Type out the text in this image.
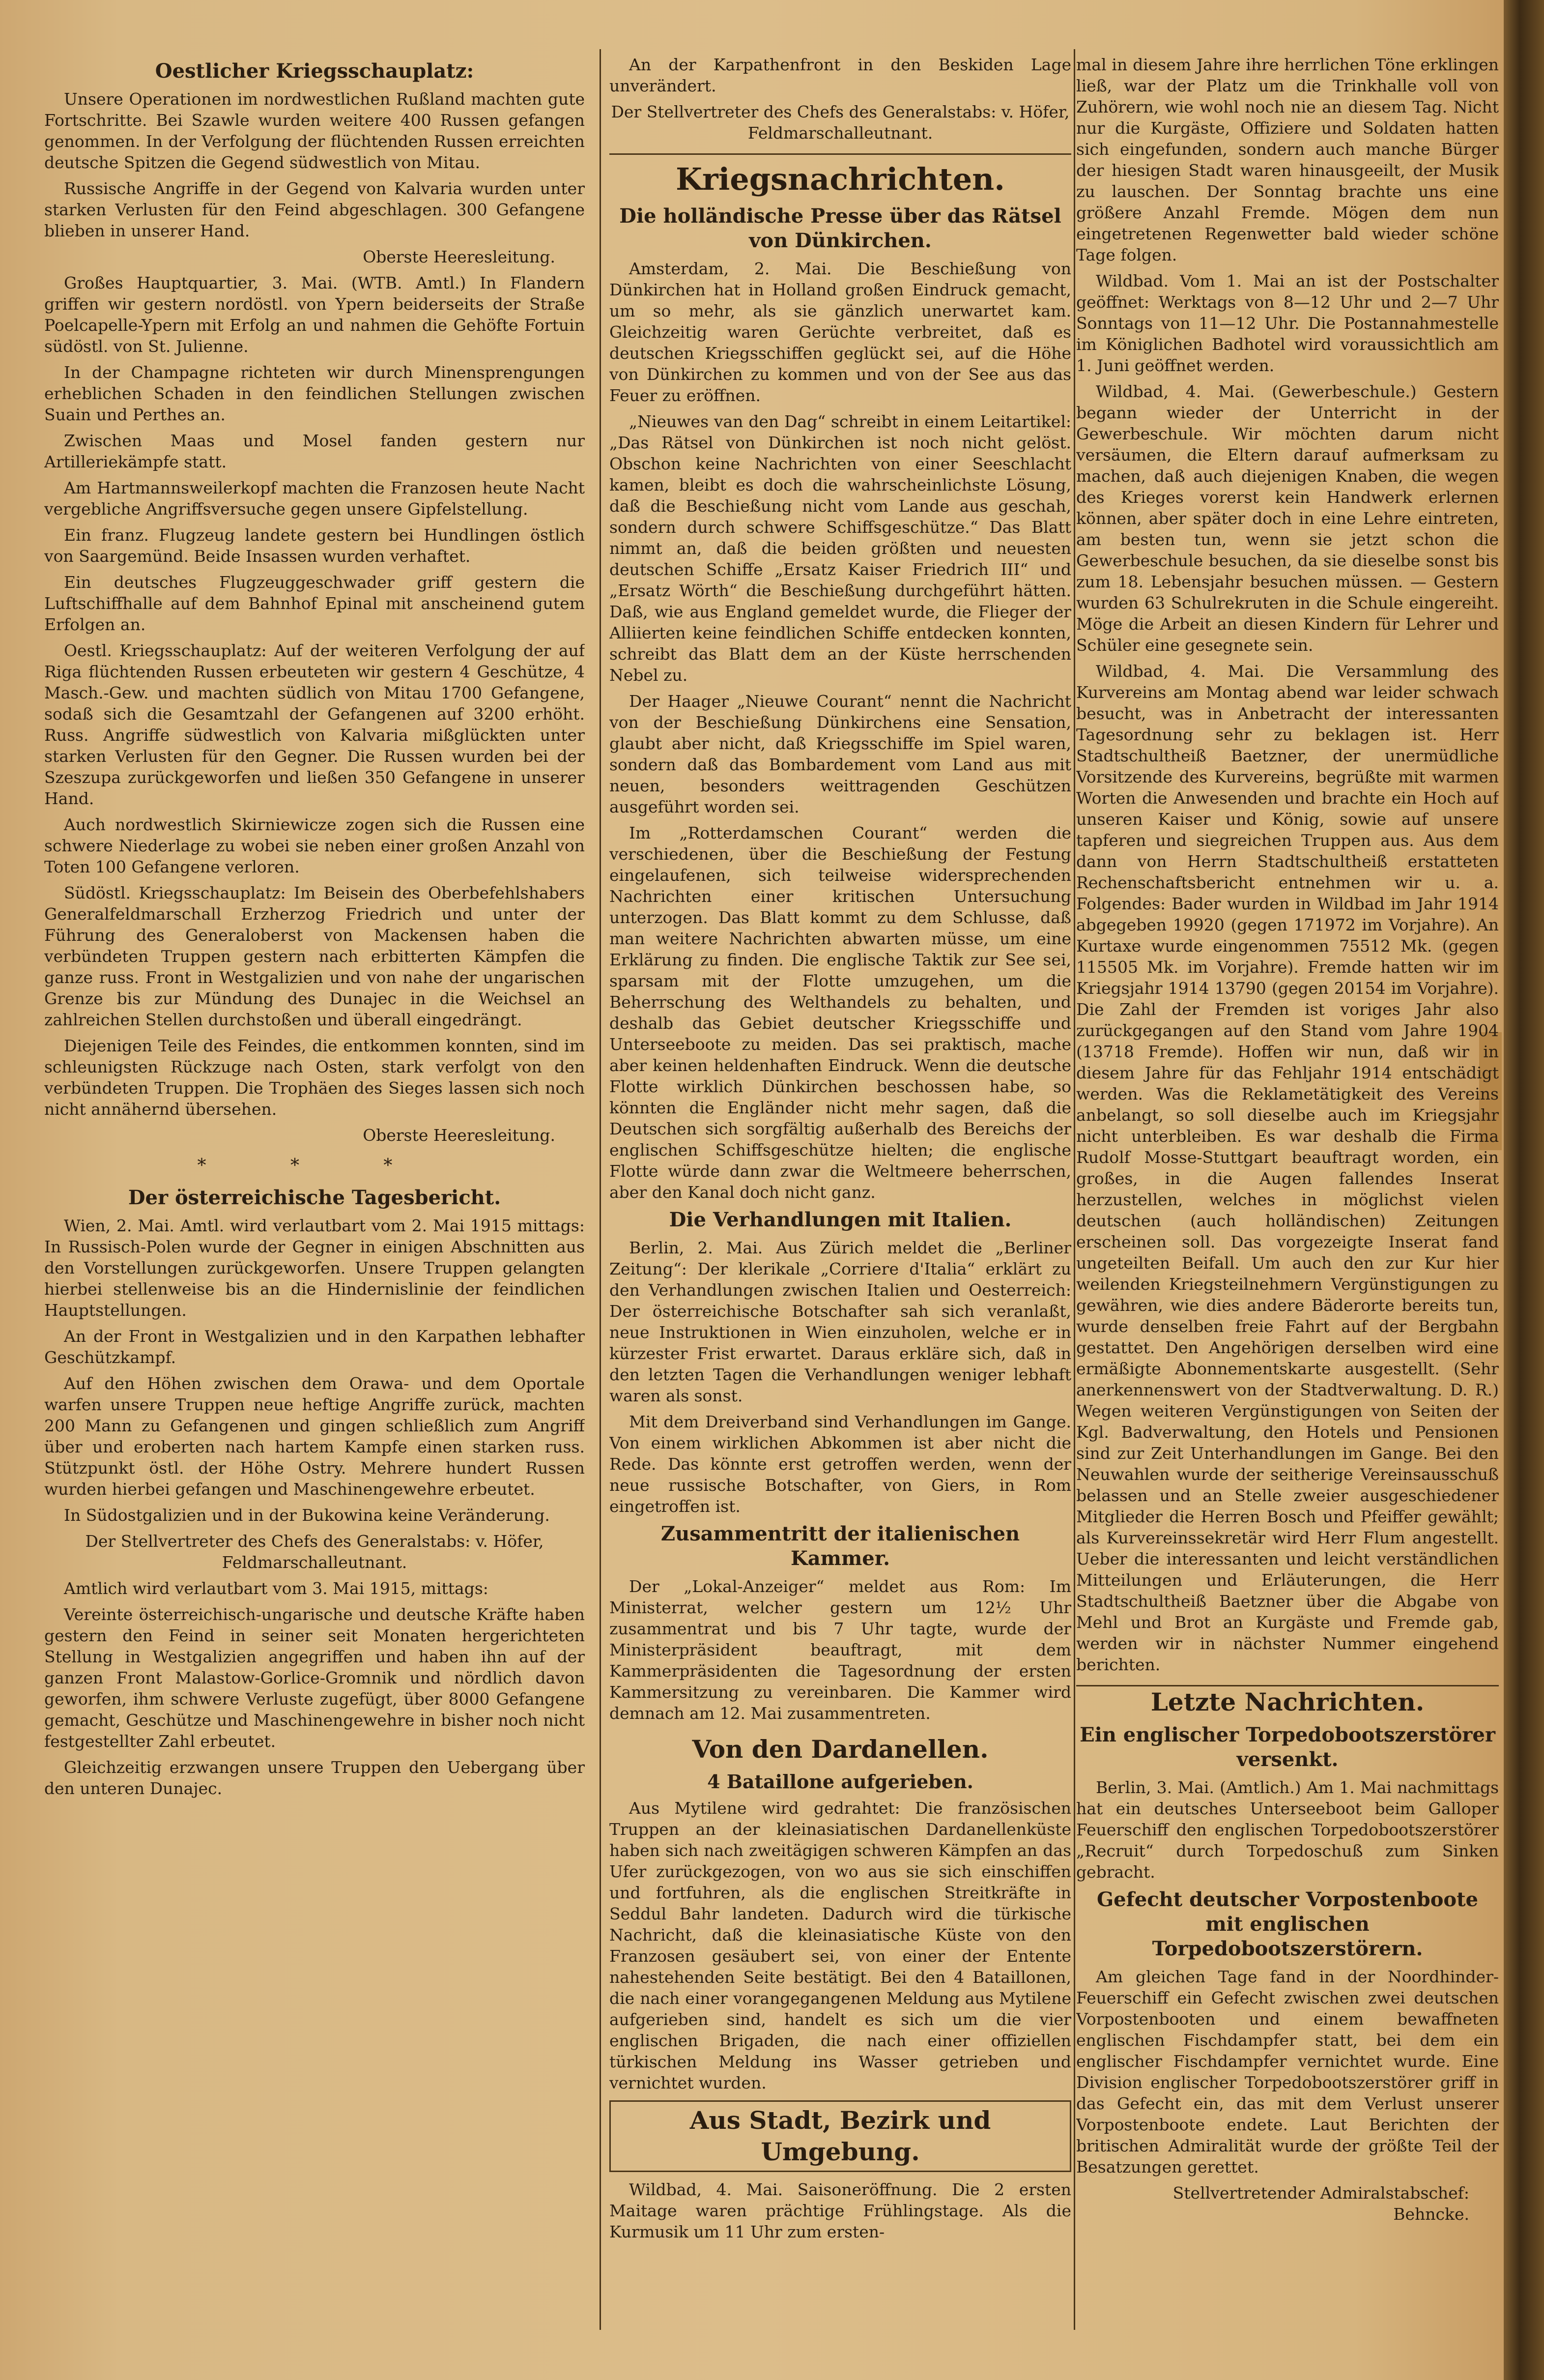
Oestlicher Kriegsschauplatz:

Unsere Operationen im nordwestlichen Rußland machten gute Fortschritte. Bei Szawle wurden weitere 400 Russen gefangen genommen. In der Verfolgung der flüchtenden Russen erreichten deutsche Spitzen die Gegend südwestlich von Mitau.

Russische Angriffe in der Gegend von Kalvaria wurden unter starken Verlusten für den Feind abgeschlagen. 300 Gefangene blieben in unserer Hand.

Oberste Heeresleitung.

Großes Hauptquartier, 3. Mai. (WTB. Amtl.) In Flandern griffen wir gestern nordöstl. von Ypern beiderseits der Straße Poelcapelle-Ypern mit Erfolg an und nahmen die Gehöfte Fortuin südöstl. von St. Julienne.

In der Champagne richteten wir durch Minensprengungen erheblichen Schaden in den feindlichen Stellungen zwischen Suain und Perthes an.

Zwischen Maas und Mosel fanden gestern nur Artilleriekämpfe statt.

Am Hartmannsweilerkopf machten die Franzosen heute Nacht vergebliche Angriffsversuche gegen unsere Gipfelstellung.

Ein franz. Flugzeug landete gestern bei Hundlingen östlich von Saargemünd. Beide Insassen wurden verhaftet.

Ein deutsches Flugzeuggeschwader griff gestern die Luftschiffhalle auf dem Bahnhof Epinal mit anscheinend gutem Erfolgen an.

Oestl. Kriegsschauplatz: Auf der weiteren Verfolgung der auf Riga flüchtenden Russen erbeuteten wir gestern 4 Geschütze, 4 Masch.-Gew. und machten südlich von Mitau 1700 Gefangene, sodaß sich die Gesamtzahl der Gefangenen auf 3200 erhöht. Russ. Angriffe südwestlich von Kalvaria mißglückten unter starken Verlusten für den Gegner. Die Russen wurden bei der Szeszupa zurückgeworfen und ließen 350 Gefangene in unserer Hand.

Auch nordwestlich Skirniewicze zogen sich die Russen eine schwere Niederlage zu wobei sie neben einer großen Anzahl von Toten 100 Gefangene verloren.

Südöstl. Kriegsschauplatz: Im Beisein des Oberbefehlshabers Generalfeldmarschall Erzherzog Friedrich und unter der Führung des Generaloberst von Mackensen haben die verbündeten Truppen gestern nach erbitterten Kämpfen die ganze russ. Front in Westgalizien und von nahe der ungarischen Grenze bis zur Mündung des Dunajec in die Weichsel an zahlreichen Stellen durchstoßen und überall eingedrängt.

Diejenigen Teile des Feindes, die entkommen konnten, sind im schleunigsten Rückzuge nach Osten, stark verfolgt von den verbündeten Truppen. Die Trophäen des Sieges lassen sich noch nicht annähernd übersehen.

Oberste Heeresleitung.

* * *
Der österreichische Tagesbericht.

Wien, 2. Mai. Amtl. wird verlautbart vom 2. Mai 1915 mittags: In Russisch-Polen wurde der Gegner in einigen Abschnitten aus den Vorstellungen zurückgeworfen. Unsere Truppen gelangten hierbei stellenweise bis an die Hindernislinie der feindlichen Hauptstellungen.

An der Front in Westgalizien und in den Karpathen lebhafter Geschützkampf.

Auf den Höhen zwischen dem Orawa- und dem Oportale warfen unsere Truppen neue heftige Angriffe zurück, machten 200 Mann zu Gefangenen und gingen schließlich zum Angriff über und eroberten nach hartem Kampfe einen starken russ. Stützpunkt östl. der Höhe Ostry. Mehrere hundert Russen wurden hierbei gefangen und Maschinengewehre erbeutet.

In Südostgalizien und in der Bukowina keine Veränderung.

Der Stellvertreter des Chefs des Generalstabs: v. Höfer, Feldmarschalleutnant.

Amtlich wird verlautbart vom 3. Mai 1915, mittags:

Vereinte österreichisch-ungarische und deutsche Kräfte haben gestern den Feind in seiner seit Monaten hergerichteten Stellung in Westgalizien angegriffen und haben ihn auf der ganzen Front Malastow-Gorlice-Gromnik und nördlich davon geworfen, ihm schwere Verluste zugefügt, über 8000 Gefangene gemacht, Geschütze und Maschinengewehre in bisher noch nicht festgestellter Zahl erbeutet.

Gleichzeitig erzwangen unsere Truppen den Uebergang über den unteren Dunajec.

An der Karpathenfront in den Beskiden Lage unverändert.

Der Stellvertreter des Chefs des Generalstabs: v. Höfer, Feldmarschalleutnant.

Kriegsnachrichten.
Die holländische Presse über das Rätsel von Dünkirchen.

Amsterdam, 2. Mai. Die Beschießung von Dünkirchen hat in Holland großen Eindruck gemacht, um so mehr, als sie gänzlich unerwartet kam. Gleichzeitig waren Gerüchte verbreitet, daß es deutschen Kriegsschiffen geglückt sei, auf die Höhe von Dünkirchen zu kommen und von der See aus das Feuer zu eröffnen.

„Nieuwes van den Dag“ schreibt in einem Leitartikel: „Das Rätsel von Dünkirchen ist noch nicht gelöst. Obschon keine Nachrichten von einer Seeschlacht kamen, bleibt es doch die wahrscheinlichste Lösung, daß die Beschießung nicht vom Lande aus geschah, sondern durch schwere Schiffsgeschütze.“ Das Blatt nimmt an, daß die beiden größten und neuesten deutschen Schiffe „Ersatz Kaiser Friedrich III“ und „Ersatz Wörth“ die Beschießung durchgeführt hätten. Daß, wie aus England gemeldet wurde, die Flieger der Alliierten keine feindlichen Schiffe entdecken konnten, schreibt das Blatt dem an der Küste herrschenden Nebel zu.

Der Haager „Nieuwe Courant“ nennt die Nachricht von der Beschießung Dünkirchens eine Sensation, glaubt aber nicht, daß Kriegsschiffe im Spiel waren, sondern daß das Bombardement vom Land aus mit neuen, besonders weittragenden Geschützen ausgeführt worden sei.

Im „Rotterdamschen Courant“ werden die verschiedenen, über die Beschießung der Festung eingelaufenen, sich teilweise widersprechenden Nachrichten einer kritischen Untersuchung unterzogen. Das Blatt kommt zu dem Schlusse, daß man weitere Nachrichten abwarten müsse, um eine Erklärung zu finden. Die englische Taktik zur See sei, sparsam mit der Flotte umzugehen, um die Beherrschung des Welthandels zu behalten, und deshalb das Gebiet deutscher Kriegsschiffe und Unterseeboote zu meiden. Das sei praktisch, mache aber keinen heldenhaften Eindruck. Wenn die deutsche Flotte wirklich Dünkirchen beschossen habe, so könnten die Engländer nicht mehr sagen, daß die Deutschen sich sorgfältig außerhalb des Bereichs der englischen Schiffsgeschütze hielten; die englische Flotte würde dann zwar die Weltmeere beherrschen, aber den Kanal doch nicht ganz.

Die Verhandlungen mit Italien.

Berlin, 2. Mai. Aus Zürich meldet die „Berliner Zeitung“: Der klerikale „Corriere d'Italia“ erklärt zu den Verhandlungen zwischen Italien und Oesterreich: Der österreichische Botschafter sah sich veranlaßt, neue Instruktionen in Wien einzuholen, welche er in kürzester Frist erwartet. Daraus erkläre sich, daß in den letzten Tagen die Verhandlungen weniger lebhaft waren als sonst.

Mit dem Dreiverband sind Verhandlungen im Gange. Von einem wirklichen Abkommen ist aber nicht die Rede. Das könnte erst getroffen werden, wenn der neue russische Botschafter, von Giers, in Rom eingetroffen ist.

Zusammentritt der italienischen Kammer.

Der „Lokal-Anzeiger“ meldet aus Rom: Im Ministerrat, welcher gestern um 12½ Uhr zusammentrat und bis 7 Uhr tagte, wurde der Ministerpräsident beauftragt, mit dem Kammerpräsidenten die Tagesordnung der ersten Kammersitzung zu vereinbaren. Die Kammer wird demnach am 12. Mai zusammentreten.

Von den Dardanellen.
4 Bataillone aufgerieben.

Aus Mytilene wird gedrahtet: Die französischen Truppen an der kleinasiatischen Dardanellenküste haben sich nach zweitägigen schweren Kämpfen an das Ufer zurückgezogen, von wo aus sie sich einschiffen und fortfuhren, als die englischen Streitkräfte in Seddul Bahr landeten. Dadurch wird die türkische Nachricht, daß die kleinasiatische Küste von den Franzosen gesäubert sei, von einer der Entente nahestehenden Seite bestätigt. Bei den 4 Bataillonen, die nach einer vorangegangenen Meldung aus Mytilene aufgerieben sind, handelt es sich um die vier englischen Brigaden, die nach einer offiziellen türkischen Meldung ins Wasser getrieben und vernichtet wurden.

Aus Stadt, Bezirk und Umgebung.

Wildbad, 4. Mai. Saisoneröffnung. Die 2 ersten Maitage waren prächtige Frühlingstage. Als die Kurmusik um 11 Uhr zum ersten-

mal in diesem Jahre ihre herrlichen Töne erklingen ließ, war der Platz um die Trinkhalle voll von Zuhörern, wie wohl noch nie an diesem Tag. Nicht nur die Kurgäste, Offiziere und Soldaten hatten sich eingefunden, sondern auch manche Bürger der hiesigen Stadt waren hinausgeeilt, der Musik zu lauschen. Der Sonntag brachte uns eine größere Anzahl Fremde. Mögen dem nun eingetretenen Regenwetter bald wieder schöne Tage folgen.

Wildbad. Vom 1. Mai an ist der Postschalter geöffnet: Werktags von 8—12 Uhr und 2—7 Uhr Sonntags von 11—12 Uhr. Die Postannahmestelle im Königlichen Badhotel wird voraussichtlich am 1. Juni geöffnet werden.

Wildbad, 4. Mai. (Gewerbeschule.) Gestern begann wieder der Unterricht in der Gewerbeschule. Wir möchten darum nicht versäumen, die Eltern darauf aufmerksam zu machen, daß auch diejenigen Knaben, die wegen des Krieges vorerst kein Handwerk erlernen können, aber später doch in eine Lehre eintreten, am besten tun, wenn sie jetzt schon die Gewerbeschule besuchen, da sie dieselbe sonst bis zum 18. Lebensjahr besuchen müssen. — Gestern wurden 63 Schulrekruten in die Schule eingereiht. Möge die Arbeit an diesen Kindern für Lehrer und Schüler eine gesegnete sein.

Wildbad, 4. Mai. Die Versammlung des Kurvereins am Montag abend war leider schwach besucht, was in Anbetracht der interessanten Tagesordnung sehr zu beklagen ist. Herr Stadtschultheiß Baetzner, der unermüdliche Vorsitzende des Kurvereins, begrüßte mit warmen Worten die Anwesenden und brachte ein Hoch auf unseren Kaiser und König, sowie auf unsere tapferen und siegreichen Truppen aus. Aus dem dann von Herrn Stadtschultheiß erstatteten Rechenschaftsbericht entnehmen wir u. a. Folgendes: Bader wurden in Wildbad im Jahr 1914 abgegeben 19920 (gegen 171972 im Vorjahre). An Kurtaxe wurde eingenommen 75512 Mk. (gegen 115505 Mk. im Vorjahre). Fremde hatten wir im Kriegsjahr 1914 13790 (gegen 20154 im Vorjahre). Die Zahl der Fremden ist voriges Jahr also zurückgegangen auf den Stand vom Jahre 1904 (13718 Fremde). Hoffen wir nun, daß wir in diesem Jahre für das Fehljahr 1914 entschädigt werden. Was die Reklametätigkeit des Vereins anbelangt, so soll dieselbe auch im Kriegsjahr nicht unterbleiben. Es war deshalb die Firma Rudolf Mosse-Stuttgart beauftragt worden, ein großes, in die Augen fallendes Inserat herzustellen, welches in möglichst vielen deutschen (auch holländischen) Zeitungen erscheinen soll. Das vorgezeigte Inserat fand ungeteilten Beifall. Um auch den zur Kur hier weilenden Kriegsteilnehmern Vergünstigungen zu gewähren, wie dies andere Bäderorte bereits tun, wurde denselben freie Fahrt auf der Bergbahn gestattet. Den Angehörigen derselben wird eine ermäßigte Abonnementskarte ausgestellt. (Sehr anerkennenswert von der Stadtverwaltung. D. R.) Wegen weiteren Vergünstigungen von Seiten der Kgl. Badverwaltung, den Hotels und Pensionen sind zur Zeit Unterhandlungen im Gange. Bei den Neuwahlen wurde der seitherige Vereinsausschuß belassen und an Stelle zweier ausgeschiedener Mitglieder die Herren Bosch und Pfeiffer gewählt; als Kurvereinssekretär wird Herr Flum angestellt. Ueber die interessanten und leicht verständlichen Mitteilungen und Erläuterungen, die Herr Stadtschultheiß Baetzner über die Abgabe von Mehl und Brot an Kurgäste und Fremde gab, werden wir in nächster Nummer eingehend berichten.

Letzte Nachrichten.
Ein englischer Torpedobootszerstörer versenkt.

Berlin, 3. Mai. (Amtlich.) Am 1. Mai nachmittags hat ein deutsches Unterseeboot beim Galloper Feuerschiff den englischen Torpedobootszerstörer „Recruit“ durch Torpedoschuß zum Sinken gebracht.

Gefecht deutscher Vorpostenboote mit englischen Torpedobootszerstörern.

Am gleichen Tage fand in der Noordhinder-Feuerschiff ein Gefecht zwischen zwei deutschen Vorpostenbooten und einem bewaffneten englischen Fischdampfer statt, bei dem ein englischer Fischdampfer vernichtet wurde. Eine Division englischer Torpedobootszerstörer griff in das Gefecht ein, das mit dem Verlust unserer Vorpostenboote endete. Laut Berichten der britischen Admiralität wurde der größte Teil der Besatzungen gerettet.

Stellvertretender Admiralstabschef: Behncke.
